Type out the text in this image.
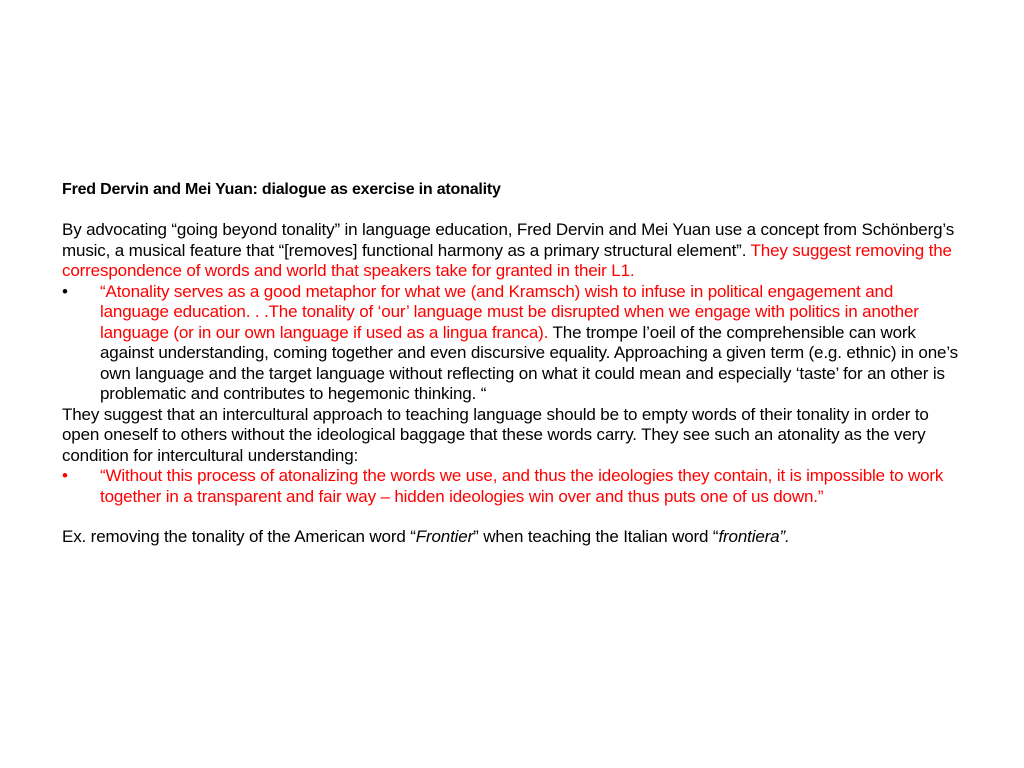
Fred Dervin and Mei Yuan: dialogue as exercise in atonality

By advocating “going beyond tonality” in language education, Fred Dervin and Mei Yuan use a concept from Schönberg’s music, a musical feature that “[removes] functional harmony as a primary structural element”. They suggest removing the correspondence of words and world that speakers take for granted in their L1.

• “Atonality serves as a good metaphor for what we (and Kramsch) wish to infuse in political engagement and language education. . .The tonality of ‘our’ language must be disrupted when we engage with politics in another language (or in our own language if used as a lingua franca). The trompe l’oeil of the comprehensible can work against understanding, coming together and even discursive equality. Approaching a given term (e.g. ethnic) in one’s own language and the target language without reflecting on what it could mean and especially ‘taste’ for an other is problematic and contributes to hegemonic thinking. “

They suggest that an intercultural approach to teaching language should be to empty words of their tonality in order to open oneself to others without the ideological baggage that these words carry. They see such an atonality as the very condition for intercultural understanding:

• “Without this process of atonalizing the words we use, and thus the ideologies they contain, it is impossible to work together in a transparent and fair way – hidden ideologies win over and thus puts one of us down.”

Ex. removing the tonality of the American word “Frontier” when teaching the Italian word “frontiera”.
